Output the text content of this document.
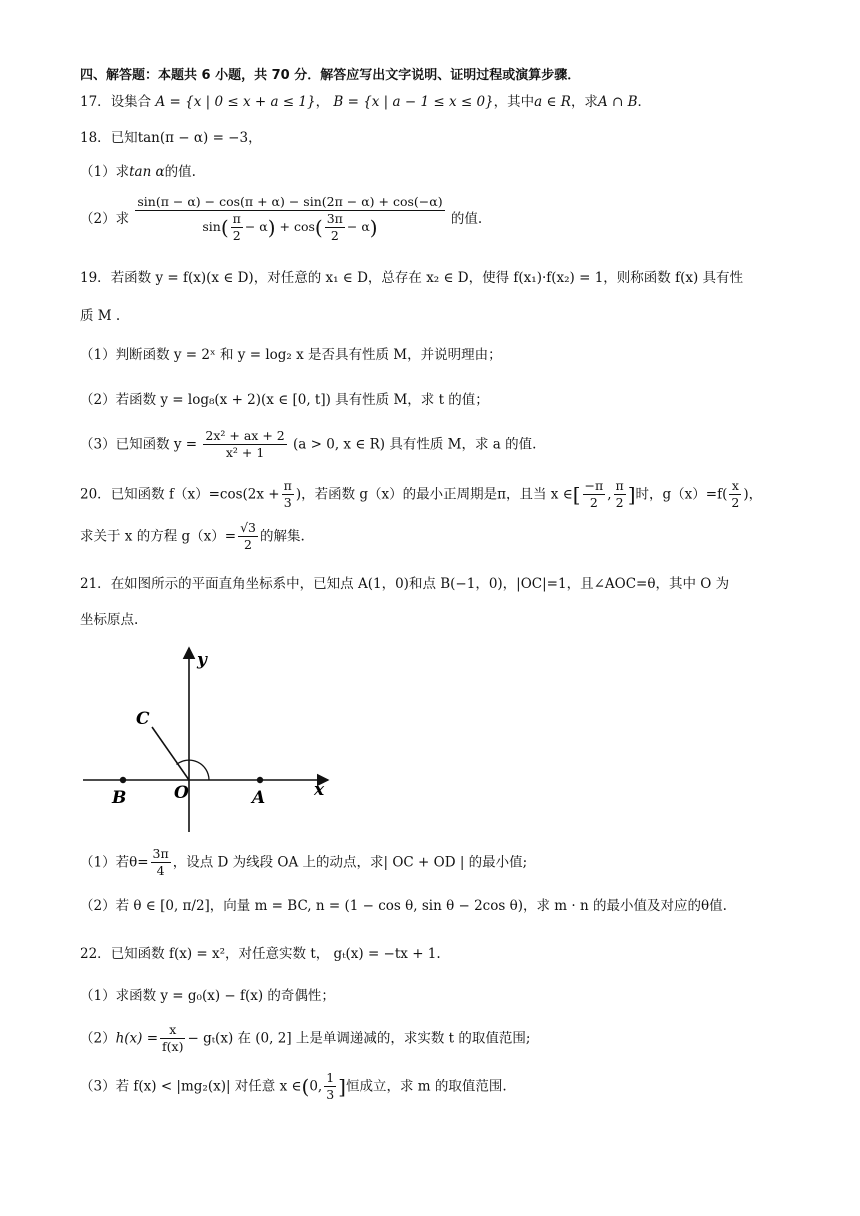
四、解答题：本题共 6 小题，共 70 分．解答应写出文字说明、证明过程或演算步骤．
17．设集合 A = {x | 0 ≤ x + a ≤ 1}， B = {x | a − 1 ≤ x ≤ 0}，其中a ∈ R，求A ∩ B．
18．已知tan(π − α) = −3，
（1）求tan α的值.
（2）求 $\frac{\sin(\pi - \alpha) - \cos(\pi + \alpha) - \sin(2\pi - \alpha) + \cos(-\alpha)}{\sin( \frac{\pi}{2} - \alpha) + \cos( \frac{3\pi}{2} - \alpha)}$ 的值.
19．若函数 y = f(x)(x ∈ D)，对任意的 x₁ ∈ D，总存在 x₂ ∈ D，使得 f(x₁)·f(x₂) = 1，则称函数 f(x) 具有性
质 M .
（1）判断函数 y = 2ˣ 和 y = log₂ x 是否具有性质 M，并说明理由；
（2）若函数 y = log₈(x + 2)(x ∈ [0, t]) 具有性质 M，求 t 的值；
（3）已知函数 $y = \frac{\text{2x² + ax + 2}}{\text{x² + 1}} (a > 0$, x ∈ R) 具有性质 M，求 a 的值.
20．已知函数 $f(x)=\cos(2x + \frac{\pi}{3}$ )，若函数 g（x）的最小正周期是π，且当 x ∈[ $\frac{-\pi}{2}$ , $\frac{\pi}{2}$ ]时，$g(x)=f( \frac{x}{2}$ )，
求关于 x 的方程 $g(x)= \frac{√3}{2}$ 的解集.
21．在如图所示的平面直角坐标系中，已知点 A(1，0)和点 B(−1，0)，|OC|=1，且∠AOC=θ，其中 O 为
坐标原点.
y
x
C
B	O	A
（1）若$\theta= \frac{3\pi}{4}$ ，设点 D 为线段 OA 上的动点，求| OC + OD | 的最小值;
（2）若 θ ∈ [0, π/2]，向量 m = BC, n = (1 − cos θ, sin θ − 2cos θ)，求 m · n 的最小值及对应的θ值.
22．已知函数 f(x) = x²，对任意实数 t， gₜ(x) = −tx + 1.
（1）求函数 y = g₀(x) − f(x) 的奇偶性；
$(2)h(x) = \frac{x}{f(x)} - g_t(x)$ 在 (0, 2] 上是单调递减的，求实数 t 的取值范围;
（3）若 f(x) < |mg₂(x)| 对任意 x ∈(0, $\frac{1}{3}$ ]恒成立，求 m 的取值范围.
